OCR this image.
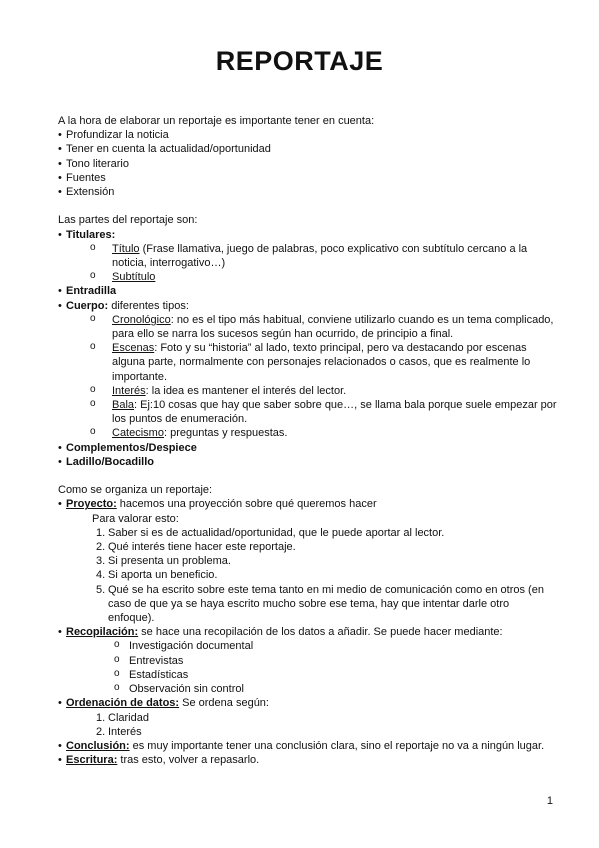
REPORTAJE

A la hora de elaborar un reportaje es importante tener en cuenta:

• Profundizar la noticia
• Tener en cuenta la actualidad/oportunidad
• Tono literario
• Fuentes
• Extensión

Las partes del reportaje son:

• Titulares:
o Título (Frase llamativa, juego de palabras, poco explicativo con subtítulo cercano a la noticia, interrogativo…)
o Subtítulo
• Entradilla
• Cuerpo: diferentes tipos:
o Cronológico: no es el tipo más habitual, conviene utilizarlo cuando es un tema complicado, para ello se narra los sucesos según han ocurrido, de principio a final.
o Escenas: Foto y su “historia” al lado, texto principal, pero va destacando por escenas alguna parte, normalmente con personajes relacionados o casos, que es realmente lo importante.
o Interés: la idea es mantener el interés del lector.
o Bala: Ej:10 cosas que hay que saber sobre que…, se llama bala porque suele empezar por los puntos de enumeración.
o Catecismo: preguntas y respuestas.
• Complementos/Despiece
• Ladillo/Bocadillo

Como se organiza un reportaje:

• Proyecto: hacemos una proyección sobre qué queremos hacer
Para valorar esto:
1. Saber si es de actualidad/oportunidad, que le puede aportar al lector.
2. Qué interés tiene hacer este reportaje.
3. Si presenta un problema.
4. Si aporta un beneficio.
5. Qué se ha escrito sobre este tema tanto en mi medio de comunicación como en otros (en caso de que ya se haya escrito mucho sobre ese tema, hay que intentar darle otro enfoque).
• Recopilación: se hace una recopilación de los datos a añadir. Se puede hacer mediante:
o Investigación documental
o Entrevistas
o Estadísticas
o Observación sin control
• Ordenación de datos: Se ordena según:
1. Claridad
2. Interés
• Conclusión: es muy importante tener una conclusión clara, sino el reportaje no va a ningún lugar.
• Escritura: tras esto, volver a repasarlo.
1
